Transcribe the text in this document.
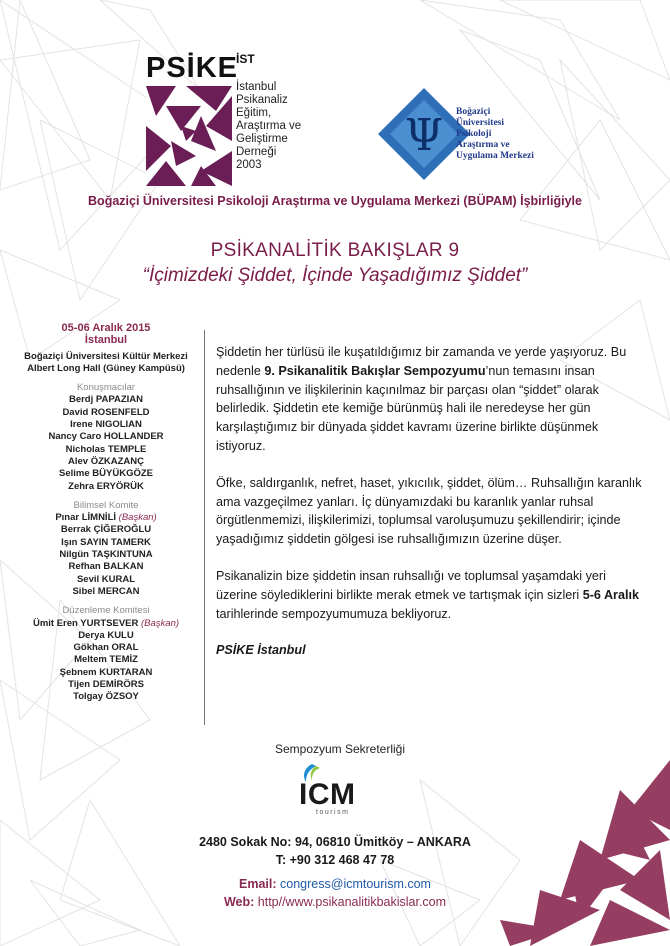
PSİKE
İST
İstanbul
Psikanaliz
Eğitim,
Araştırma ve
Geliştirme
Derneği
2003
Ψ Boğaziçi
Üniversitesi
Psikoloji
Araştırma ve
Uygulama Merkezi
Boğaziçi Üniversitesi Psikoloji Araştırma ve Uygulama Merkezi (BÜPAM) İşbirliğiyle
PSİKANALİTİK BAKIŞLAR 9
“İçimizdeki Şiddet, İçinde Yaşadığımız Şiddet”
05-06 Aralık 2015
İstanbul
Boğaziçi Üniversitesi Kültür Merkezi
Albert Long Hall (Güney Kampüsü)
Konuşmacılar
Berdj PAPAZIAN
David ROSENFELD
Irene NIGOLIAN
Nancy Caro HOLLANDER
Nicholas TEMPLE
Alev ÖZKAZANÇ
Selime BÜYÜKGÖZE
Zehra ERYÖRÜK
Bilimsel Komite
Pınar LİMNİLİ (Başkan)
Berrak ÇİĞEROĞLU
Işın SAYIN TAMERK
Nilgün TAŞKINTUNA
Refhan BALKAN
Sevil KURAL
Sibel MERCAN
Düzenleme Komitesi
Ümit Eren YURTSEVER (Başkan)
Derya KULU
Gökhan ORAL
Meltem TEMİZ
Şebnem KURTARAN
Tijen DEMİRÖRS
Tolgay ÖZSOY

Şiddetin her türlüsü ile kuşatıldığımız bir zamanda ve yerde yaşıyoruz. Bu nedenle 9. Psikanalitik Bakışlar Sempozyumu’nun temasını insan ruhsallığının ve ilişkilerinin kaçınılmaz bir parçası olan “şiddet” olarak belirledik. Şiddetin ete kemiğe bürünmüş hali ile neredeyse her gün karşılaştığımız bir dünyada şiddet kavramı üzerine birlikte düşünmek istiyoruz.

Öfke, saldırganlık, nefret, haset, yıkıcılık, şiddet, ölüm… Ruhsallığın karanlık ama vazgeçilmez yanları. İç dünyamızdaki bu karanlık yanlar ruhsal örgütlenmemizi, ilişkilerimizi, toplumsal varoluşumuzu şekillendirir; içinde yaşadığımız şiddetin gölgesi ise ruhsallığımızın üzerine düşer.

Psikanalizin bize şiddetin insan ruhsallığı ve toplumsal yaşamdaki yeri üzerine söylediklerini birlikte merak etmek ve tartışmak için sizleri 5-6 Aralık tarihlerinde sempozyumumuza bekliyoruz.

PSİKE İstanbul

Sempozyum Sekreterliği
ICM
tourism
2480 Sokak No: 94, 06810 Ümitköy – ANKARA
T: +90 312 468 47 78
Email: congress@icmtourism.com
Web: http//www.psikanalitikbakislar.com
